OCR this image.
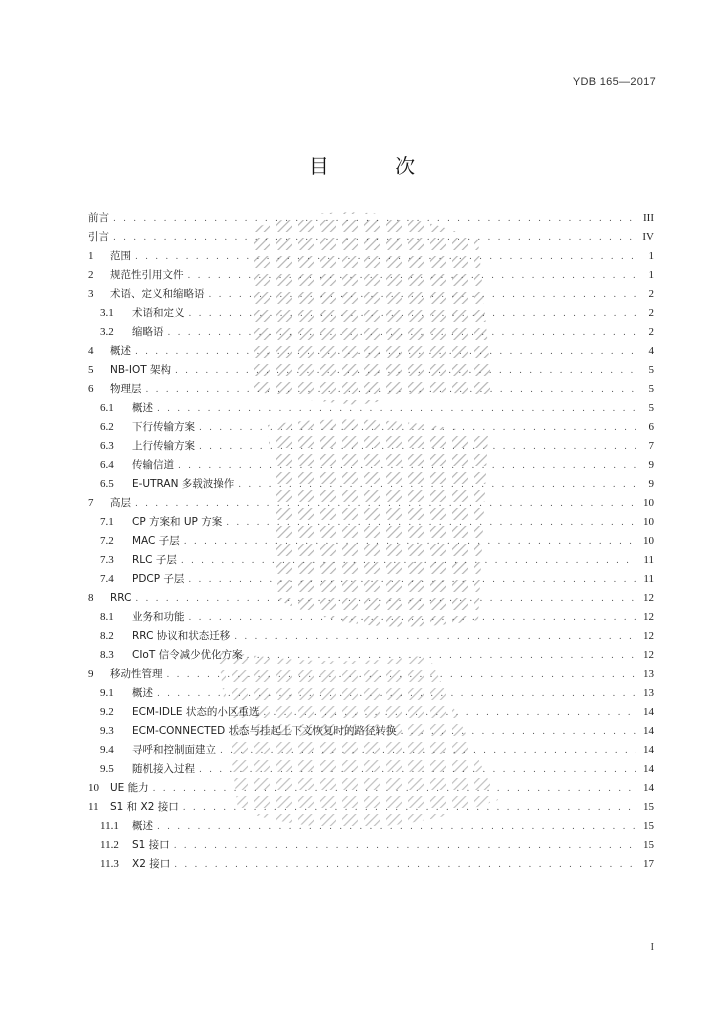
YDB 165—2017
目 次
前言 . . .	III
引言 . . .	IV
1	范围 . . .	1
2	规范性引用文件 . . .	1
3	术语、定义和缩略语 . . .	2
3.1	术语和定义 . . .	2
3.2	缩略语 . . .	2
4	概述 . . .	4
5	NB-IOT 架构 . . .	5
6	物理层 . . .	5
6.1	概述 . . .	5
6.2	下行传输方案 . . .	6
6.3	上行传输方案 . . .	7
6.4	传输信道 . . .	9
6.5	E-UTRAN 多载波操作 . . .	9
7	高层 . . .	10
7.1	CP 方案和 UP 方案 . . .	10
7.2	MAC 子层 . . .	10
7.3	RLC 子层 . . .	11
7.4	PDCP 子层 . . .	11
8	RRC . . .	12
8.1	业务和功能 . . .	12
8.2	RRC 协议和状态迁移 . . .	12
8.3	CIoT 信令减少优化方案 . . .	12
9	移动性管理 . . .	13
9.1	概述 . . .	13
9.2	ECM-IDLE 状态的小区重选 . . .	14
9.3	ECM-CONNECTED 状态与挂起上下文恢复时的路径转换 . . .	14
9.4	寻呼和控制面建立 . . .	14
9.5	随机接入过程 . . .	14
10 UE 能力 . . .	14
11	S1 和 X2 接口 . . .	15
11.1	概述 . . .	15
11.2	S1 接口 . . .	15
11.3	X2 接口 . . .	17
I
